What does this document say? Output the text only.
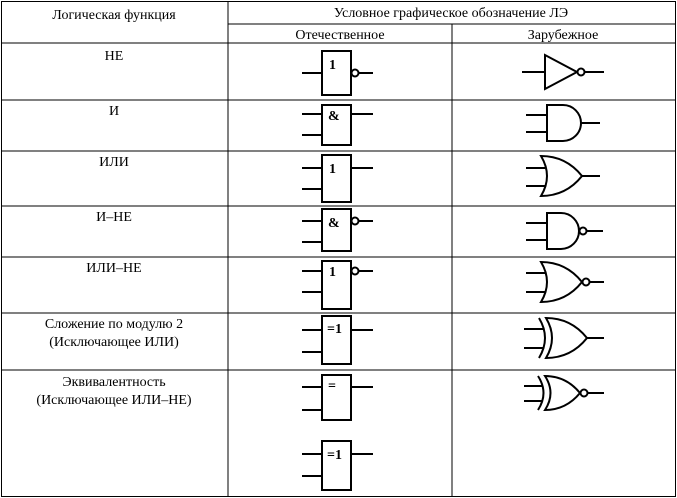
Логическая функция	Условное графическое обозначение ЛЭ
Отечественное	Зарубежное
НЕ
И
ИЛИ
И–НЕ
ИЛИ–НЕ
Сложение по модулю 2
(Исключающее ИЛИ)
Эквивалентность
(Исключающее ИЛИ–НЕ)
1
&
1
&
1
=1
=
=1
